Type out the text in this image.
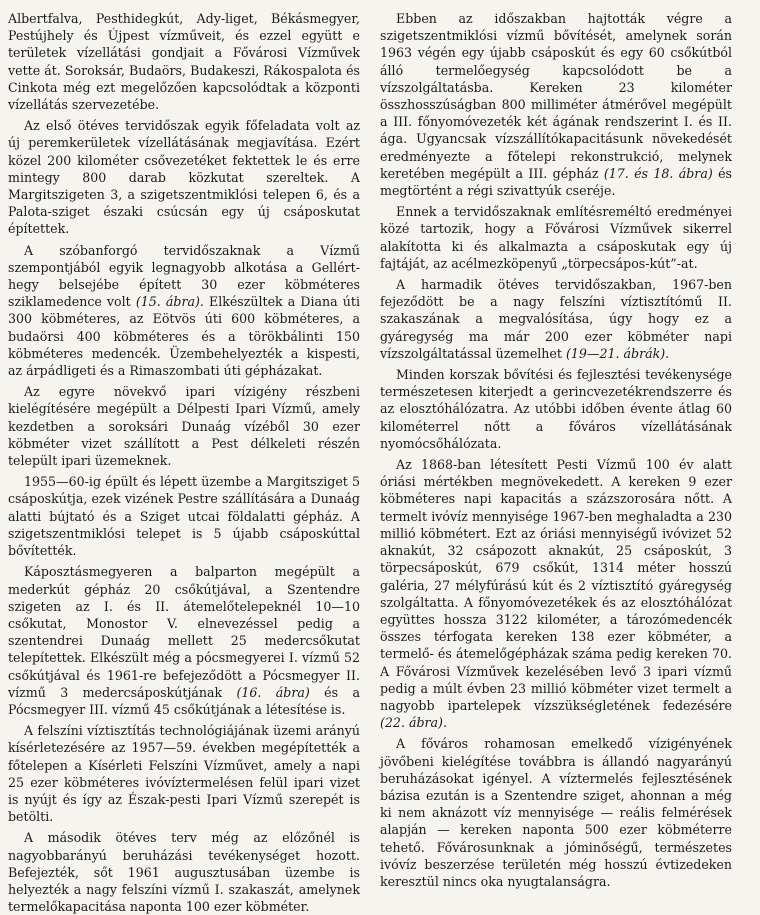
Albertfalva, Pesthidegkút, Ady-liget, Békásmegyer, Pestújhely és Újpest vízműveit, és ezzel együtt e területek vízellátási gondjait a Fővárosi Vízművek vette át. Soroksár, Budaörs, Budakeszi, Rákospalota és Cinkota még ezt megelőzően kapcsolódtak a központi vízellátás szervezetébe.

Az első ötéves tervidőszak egyik főfeladata volt az új peremkerületek vízellátásának megjavítása. Ezért közel 200 kilométer csővezetéket fektettek le és erre mintegy 800 darab közkutat szereltek. A Margitszigeten 3, a szigetszentmiklósi telepen 6, és a Palota-sziget északi csúcsán egy új csáposkutat építettek.

A szóbanforgó tervidőszaknak a Vízmű szempontjából egyik legnagyobb alkotása a Gellért-hegy belsejébe épített 30 ezer köbméteres sziklamedence volt (15. ábra). Elkészültek a Diana úti 300 köbméteres, az Eötvös úti 600 köbméteres, a budaörsi 400 köbméteres és a törökbálinti 150 köbméteres medencék. Üzembehelyezték a kispesti, az árpádligeti és a Rimaszombati úti gépházakat.

Az egyre növekvő ipari vízigény részbeni kielégítésére megépült a Délpesti Ipari Vízmű, amely kezdetben a soroksári Dunaág vízéből 30 ezer köbméter vizet szállított a Pest délkeleti részén települt ipari üzemeknek.

1955—60-ig épült és lépett üzembe a Margitsziget 5 csáposkútja, ezek vizének Pestre szállítására a Dunaág alatti bújtató és a Sziget utcai földalatti gépház. A szigetszentmiklósi telepet is 5 újabb csáposkúttal bővítették.

Káposztásmegyeren a balparton megépült a mederkút gépház 20 csőkútjával, a Szentendre szigeten az I. és II. átemelőtelepeknél 10—10 csőkutat, Monostor V. elnevezéssel pedig a szentendrei Dunaág mellett 25 medercsőkutat telepítettek. Elkészült még a pócsmegyerei I. vízmű 52 csőkútjával és 1961-re befejeződött a Pócsmegyer II. vízmű 3 medercsáposkútjának (16. ábra) és a Pócsmegyer III. vízmű 45 csőkútjának a létesítése is.

A felszíni víztisztítás technológiájának üzemi arányú kísérletezésére az 1957—59. években megépítették a főtelepen a Kísérleti Felszíni Vízművet, amely a napi 25 ezer köbméteres ivóvíztermelésen felül ipari vizet is nyújt és így az Észak-pesti Ipari Vízmű szerepét is betölti.

A második ötéves terv még az előzőnél is nagyobbarányú beruházási tevékenységet hozott. Befejezték, sőt 1961 augusztusában üzembe is helyezték a nagy felszíni vízmű I. szakaszát, amelynek termelőkapacitása naponta 100 ezer köbméter.

Ebben az időszakban hajtották végre a szigetszentmiklósi vízmű bővítését, amelynek során 1963 végén egy újabb csáposkút és egy 60 csőkútból álló termelőegység kapcsolódott be a vízszolgáltatásba. Kereken 23 kilométer összhosszúságban 800 milliméter átmérővel megépült a III. főnyomóvezeték két ágának rendszerint I. és II. ága. Ugyancsak vízszállítókapacitásunk növekedését eredményezte a főtelepi rekonstrukció, melynek keretében megépült a III. gépház (17. és 18. ábra) és megtörtént a régi szivattyúk cseréje.

Ennek a tervidőszaknak említésreméltó eredményei közé tartozik, hogy a Fővárosi Vízművek sikerrel alakította ki és alkalmazta a csáposkutak egy új fajtáját, az acélmezköpenyű „törpecsápos-kút”-at.

A harmadik ötéves tervidőszakban, 1967-ben fejeződött be a nagy felszíni víztisztítómű II. szakaszának a megvalósítása, úgy hogy ez a gyáregység ma már 200 ezer köbméter napi vízszolgáltatással üzemelhet (19—21. ábrák).

Minden korszak bővítési és fejlesztési tevékenysége természetesen kiterjedt a gerincvezetékrendszerre és az elosztóhálózatra. Az utóbbi időben évente átlag 60 kilométerrel nőtt a főváros vízellátásának nyomócsőhálózata.

Az 1868-ban létesített Pesti Vízmű 100 év alatt óriási mértékben megnövekedett. A kereken 9 ezer köbméteres napi kapacitás a százszorosára nőtt. A termelt ivóvíz mennyisége 1967-ben meghaladta a 230 millió köbmétert. Ezt az óriási mennyiségű ivóvizet 52 aknakút, 32 csápozott aknakút, 25 csáposkút, 3 törpecsáposkút, 679 csőkút, 1314 méter hosszú galéria, 27 mélyfúrású kút és 2 víztisztító gyáregység szolgáltatta. A főnyomóvezetékek és az elosztóhálózat együttes hossza 3122 kilométer, a tározómedencék összes térfogata kereken 138 ezer köbméter, a termelő- és átemelőgépházak száma pedig kereken 70. A Fővárosi Vízművek kezelésében levő 3 ipari vízmű pedig a múlt évben 23 millió köbméter vizet termelt a nagyobb ipartelepek vízszükségletének fedezésére (22. ábra).

A főváros rohamosan emelkedő vízigényének jövőbeni kielégítése továbbra is állandó nagyarányú beruházásokat igényel. A víztermelés fejlesztésének bázisa ezután is a Szentendre sziget, ahonnan a még ki nem aknázott víz mennyisége — reális felmérések alapján — kereken naponta 500 ezer köbméterre tehető. Fővárosunknak a jóminőségű, természetes ivóvíz beszerzése területén még hosszú évtizedeken keresztül nincs oka nyugtalanságra.
